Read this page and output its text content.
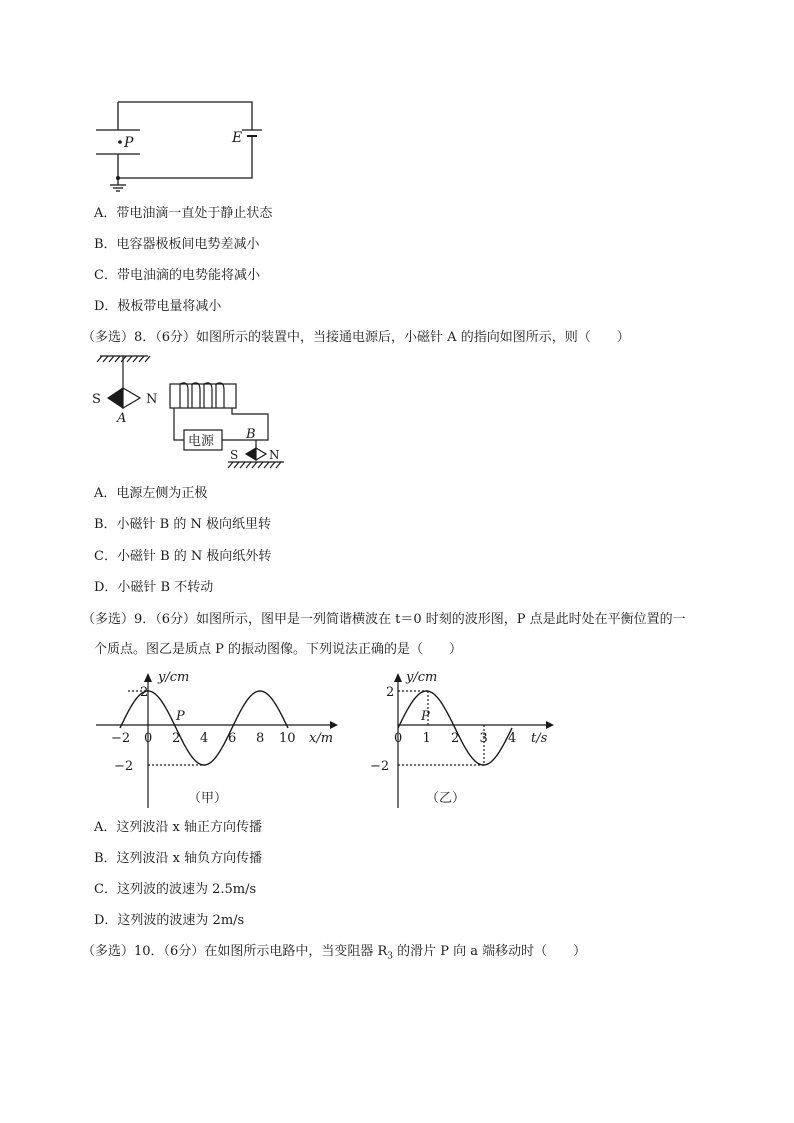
P	E
A．带电油滴一直处于静止状态
B．电容器极板间电势差减小
C．带电油滴的电势能将减小
D．极板带电量将减小
（多选）8．（6分）如图所示的装置中，当接通电源后，小磁针 A 的指向如图所示，则（　　）
S	N
A
B
电源
S	N
A．电源左侧为正极
B．小磁针 B 的 N 极向纸里转
C．小磁针 B 的 N 极向纸外转
D．小磁针 B 不转动
（多选）9．（6分）如图所示，图甲是一列简谐横波在 t＝0 时刻的波形图，P 点是此时处在平衡位置的一
个质点。图乙是质点 P 的振动图像。下列说法正确的是（　　）
2
−2
y/cm
x/m
P
−2 0 2 4 6 8 10
（甲）
2
−2
y/cm
t/s
P
0 1 2 3 4
（乙）
A．这列波沿 x 轴正方向传播
B．这列波沿 x 轴负方向传播
C．这列波的波速为 2.5m/s
D．这列波的波速为 2m/s
（多选）10．（6分）在如图所示电路中，当变阻器 $R_3$ 的滑片 P 向 a 端移动时（　　）
